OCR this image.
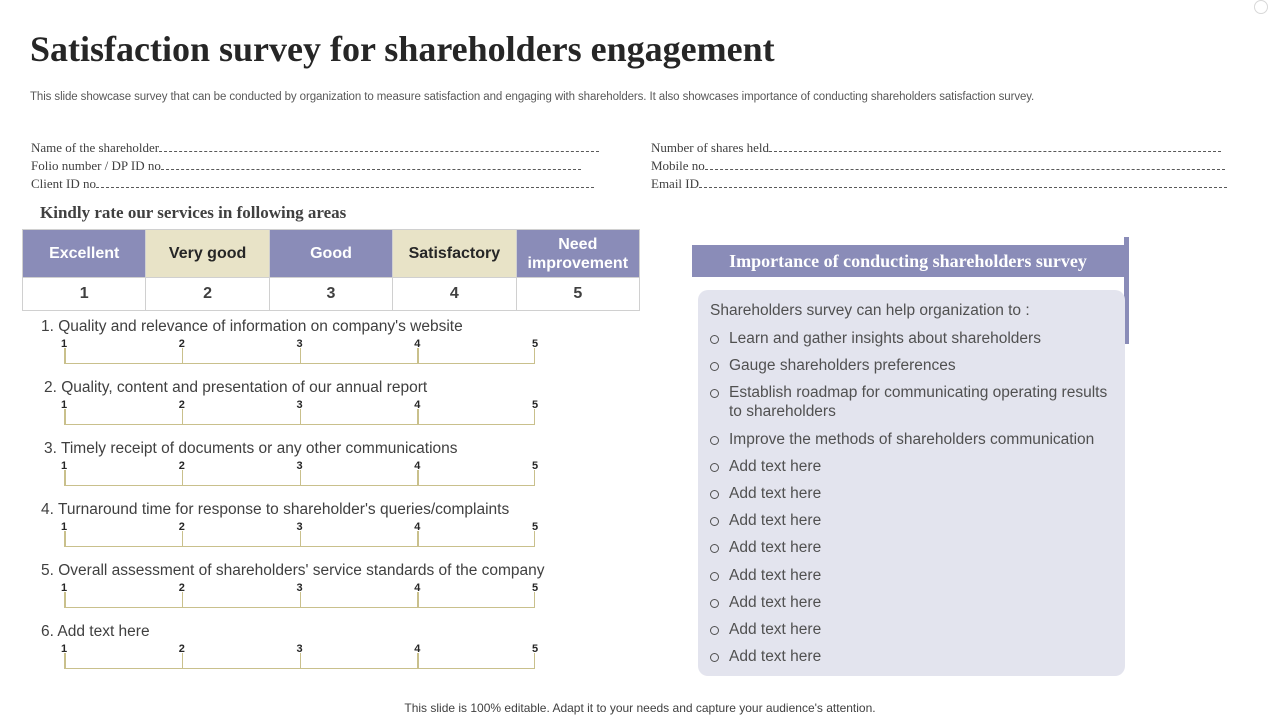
Satisfaction survey for shareholders engagement

This slide showcase survey that can be conducted by organization to measure satisfaction and engaging with shareholders. It also showcases importance of conducting shareholders satisfaction survey.

Name of the shareholder
Folio number / DP ID no
Client ID no
Number of shares held
Mobile no
Email ID
Kindly rate our services in following areas
Excellent	Very good	Good	Satisfactory	Need improvement
1	2	3	4	5
1. Quality and relevance of information on company's website
1	2	3	4	5
2. Quality, content and presentation of our annual report
1	2	3	4	5
3. Timely receipt of documents or any other communications
1	2	3	4	5
4. Turnaround time for response to shareholder's queries/complaints
1	2	3	4	5
5. Overall assessment of shareholders' service standards of the company
1	2	3	4	5
6. Add text here
1	2	3	4	5
Importance of conducting shareholders survey
Shareholders survey can help organization to :
Learn and gather insights about shareholders
Gauge shareholders preferences
Establish roadmap for communicating operating results to shareholders
Improve the methods of shareholders communication
Add text here
Add text here
Add text here
Add text here
Add text here
Add text here
Add text here
Add text here
This slide is 100% editable. Adapt it to your needs and capture your audience's attention.
